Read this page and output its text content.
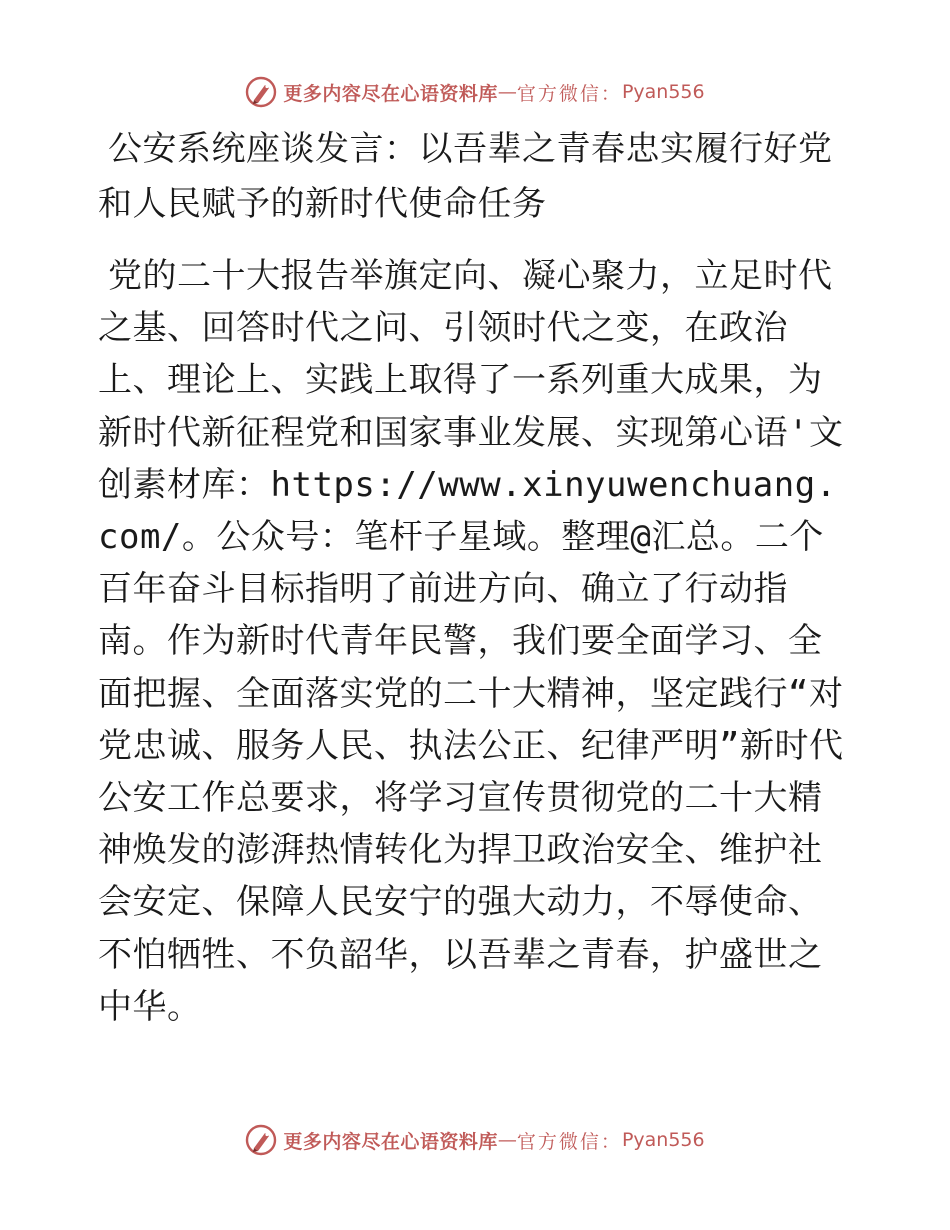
更多内容尽在心语资料库 — 官方微信： Pyan556
公安系统座谈发言：以吾辈之青春忠实履行好党和人民赋予的新时代使命任务

党的二十大报告举旗定向、凝心聚力，立足时代之基、回答时代之问、引领时代之变，在政治上、理论上、实践上取得了一系列重大成果，为新时代新征程党和国家事业发展、实现第心语'文创素材库：https://www.xinyuwenchuang.com/。公众号：笔杆子星域。整理@汇总。二个百年奋斗目标指明了前进方向、确立了行动指南。作为新时代青年民警，我们要全面学习、全面把握、全面落实党的二十大精神，坚定践行“对党忠诚、服务人民、执法公正、纪律严明”新时代公安工作总要求，将学习宣传贯彻党的二十大精神焕发的澎湃热情转化为捍卫政治安全、维护社会安定、保障人民安宁的强大动力，不辱使命、不怕牺牲、不负韶华，以吾辈之青春，护盛世之中华。

更多内容尽在心语资料库 — 官方微信： Pyan556
